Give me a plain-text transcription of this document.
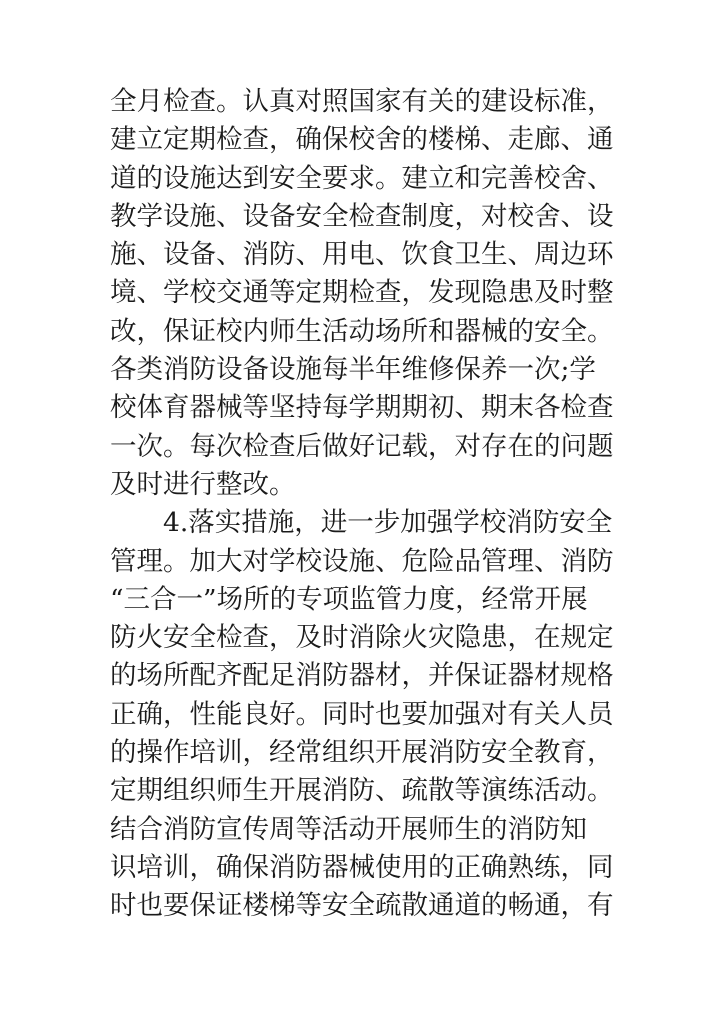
全月检查。认真对照国家有关的建设标准，
建立定期检查，确保校舍的楼梯、走廊、通
道的设施达到安全要求。建立和完善校舍、
教学设施、设备安全检查制度，对校舍、设
施、设备、消防、用电、饮食卫生、周边环
境、学校交通等定期检查，发现隐患及时整
改，保证校内师生活动场所和器械的安全。
各类消防设备设施每半年维修保养一次;学
校体育器械等坚持每学期期初、期末各检查
一次。每次检查后做好记载，对存在的问题
及时进行整改。
4.落实措施，进一步加强学校消防安全
管理。加大对学校设施、危险品管理、消防
“三合一”场所的专项监管力度，经常开展
防火安全检查，及时消除火灾隐患，在规定
的场所配齐配足消防器材，并保证器材规格
正确，性能良好。同时也要加强对有关人员
的操作培训，经常组织开展消防安全教育，
定期组织师生开展消防、疏散等演练活动。
结合消防宣传周等活动开展师生的消防知
识培训，确保消防器械使用的正确熟练，同
时也要保证楼梯等安全疏散通道的畅通，有
